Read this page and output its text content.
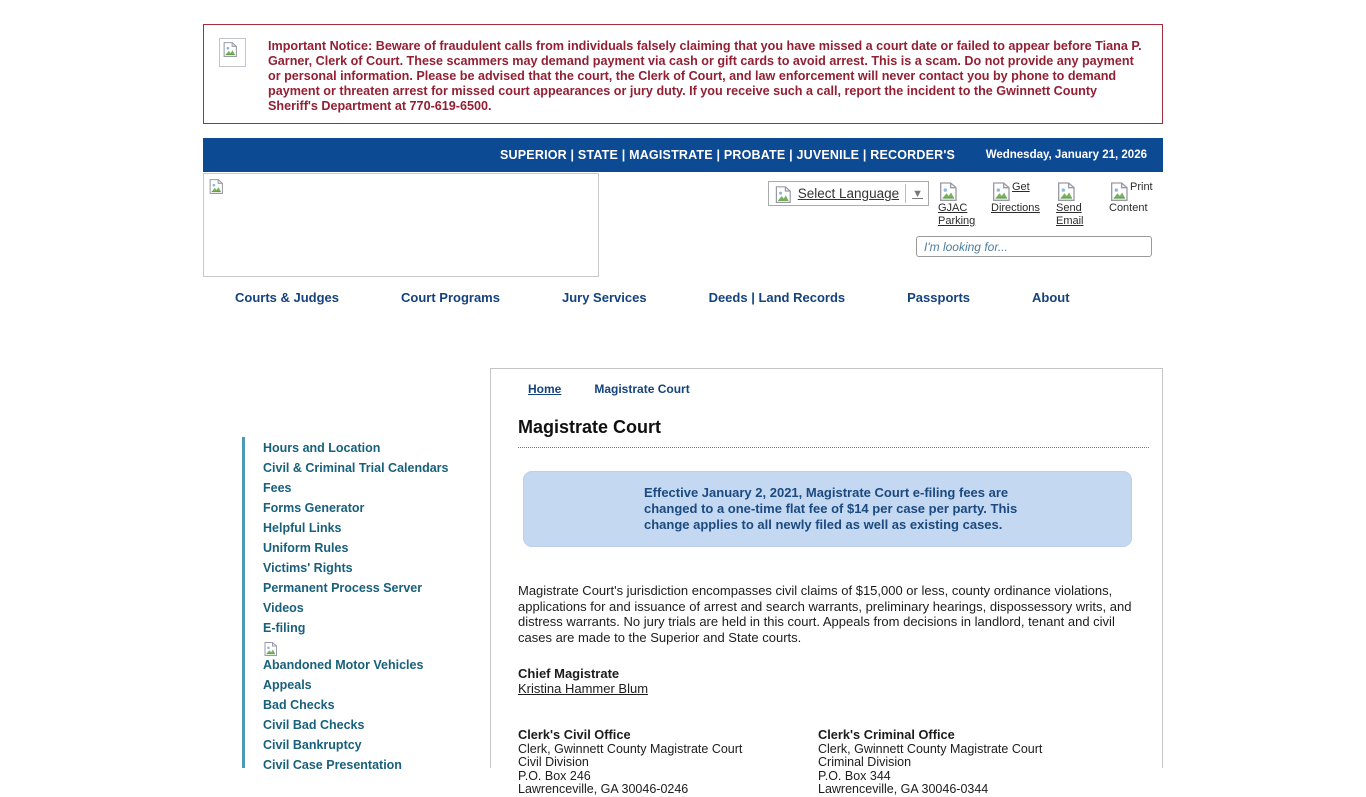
Important Notice: Beware of fraudulent calls from individuals falsely claiming that you have missed a court date or failed to appear before Tiana P. Garner, Clerk of Court. These scammers may demand payment via cash or gift cards to avoid arrest. This is a scam. Do not provide any payment or personal information. Please be advised that the court, the Clerk of Court, and law enforcement will never contact you by phone to demand payment or threaten arrest for missed court appearances or jury duty. If you receive such a call, report the incident to the Gwinnett County Sheriff's Department at 770-619-6500.
SUPERIOR | STATE | MAGISTRATE | PROBATE | JUVENILE | RECORDER'S	Wednesday, January 21, 2026
Select Language ▼
GJAC Parking
Get Directions	Send Email
Print Content
I'm looking for...
Courts & Judges	Court Programs	Jury Services	Deeds | Land Records	Passports	About
Hours and Location
Civil & Criminal Trial Calendars
Fees
Forms Generator
Helpful Links
Uniform Rules
Victims' Rights
Permanent Process Server
Videos
E-filing
Abandoned Motor Vehicles
Appeals
Bad Checks
Civil Bad Checks
Civil Bankruptcy
Civil Case Presentation
Home	Magistrate Court
Magistrate Court
Effective January 2, 2021, Magistrate Court e-filing fees are changed to a one-time flat fee of $14 per case per party. This change applies to all newly filed as well as existing cases.

Magistrate Court's jurisdiction encompasses civil claims of $15,000 or less, county ordinance violations, applications for and issuance of arrest and search warrants, preliminary hearings, dispossessory writs, and distress warrants. No jury trials are held in this court. Appeals from decisions in landlord, tenant and civil cases are made to the Superior and State courts.

Chief Magistrate
Kristina Hammer Blum
Clerk's Civil Office
Clerk, Gwinnett County Magistrate Court
Civil Division
P.O. Box 246
Lawrenceville, GA 30046-0246
Clerk's Criminal Office
Clerk, Gwinnett County Magistrate Court
Criminal Division
P.O. Box 344
Lawrenceville, GA 30046-0344
